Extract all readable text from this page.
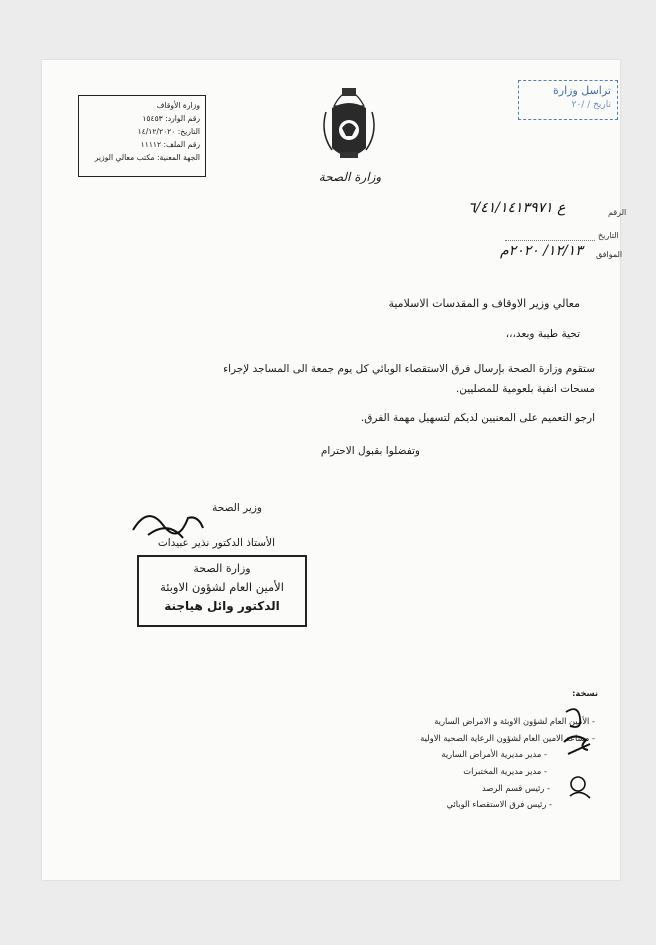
وزارة الأوقاف
رقم الوارد: ١٥٤٥٣
التاريخ: ١٤/١٢/٢٠٢٠
رقم الملف: ١١١١٢
الجهة المعنية: مكتب معالي الوزير
تراسل وزارة
تاريخ / /٢٠
وزارة الصحة
الرقم
ع ٦/٤١/١٤١٣٩٧١
التاريخ
الموافق
١٢/١٣/ ٢٠٢٠م
معالي وزير الاوقاف و المقدسات الاسلامية
تحية طيبة وبعد،،،
ستقوم وزارة الصحة بإرسال فرق الاستقصاء الوبائي كل يوم جمعة الى المساجد لإجراء
مسحات انفية بلعومية للمصليين.
ارجو التعميم على المعنيين لديكم لتسهيل مهمة الفرق.
وتفضلوا بقبول الاحترام
وزير الصحة
الأستاذ الدكتور نذير عبيدات
وزارة الصحة
الأمين العام لشؤون الاوبئة
الدكتور وائل هياجنة
نسخة:
- الأمين العام لشؤون الاوبئة و الامراض السارية
- مساعد الامين العام لشؤون الرعاية الصحية الاولية
- مدير مديرية الأمراض السارية
- مدير مديرية المختبرات
- رئيس قسم الرصد
- رئيس فرق الاستقصاء الوبائي
